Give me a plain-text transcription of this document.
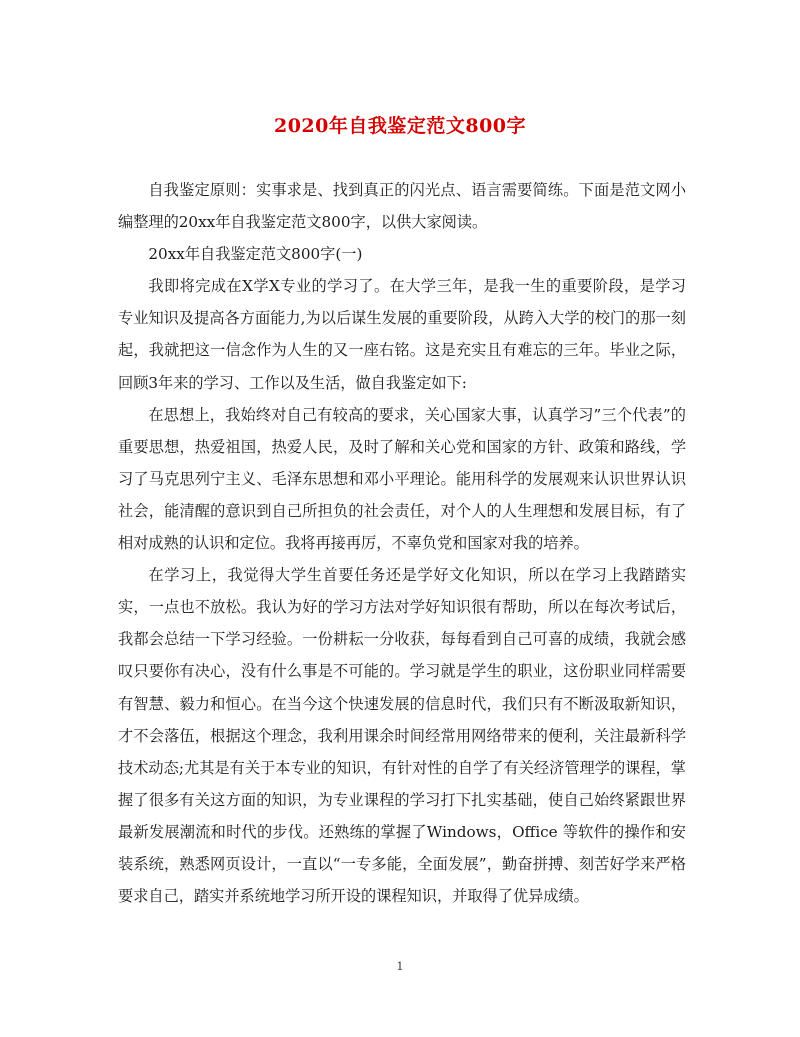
2020年自我鉴定范文800字

自我鉴定原则：实事求是、找到真正的闪光点、语言需要简练。下面是范文网小编整理的20xx年自我鉴定范文800字，以供大家阅读。

20xx年自我鉴定范文800字(一)

我即将完成在X学X专业的学习了。在大学三年，是我一生的重要阶段，是学习专业知识及提高各方面能力,为以后谋生发展的重要阶段，从跨入大学的校门的那一刻起，我就把这一信念作为人生的又一座右铭。这是充实且有难忘的三年。毕业之际，回顾3年来的学习、工作以及生活，做自我鉴定如下:

在思想上，我始终对自己有较高的要求，关心国家大事，认真学习”三个代表”的重要思想，热爱祖国，热爱人民，及时了解和关心党和国家的方针、政策和路线，学习了马克思列宁主义、毛泽东思想和邓小平理论。能用科学的发展观来认识世界认识社会，能清醒的意识到自己所担负的社会责任，对个人的人生理想和发展目标，有了相对成熟的认识和定位。我将再接再厉，不辜负党和国家对我的培养。

在学习上，我觉得大学生首要任务还是学好文化知识，所以在学习上我踏踏实实，一点也不放松。我认为好的学习方法对学好知识很有帮助，所以在每次考试后，我都会总结一下学习经验。一份耕耘一分收获，每每看到自己可喜的成绩，我就会感叹只要你有决心，没有什么事是不可能的。学习就是学生的职业，这份职业同样需要有智慧、毅力和恒心。在当今这个快速发展的信息时代，我们只有不断汲取新知识，才不会落伍，根据这个理念，我利用课余时间经常用网络带来的便利，关注最新科学技术动态;尤其是有关于本专业的知识，有针对性的自学了有关经济管理学的课程，掌握了很多有关这方面的知识，为专业课程的学习打下扎实基础，使自己始终紧跟世界最新发展潮流和时代的步伐。还熟练的掌握了Windows，Office 等软件的操作和安装系统，熟悉网页设计，一直以“一专多能，全面发展”，勤奋拼搏、刻苦好学来严格要求自己，踏实并系统地学习所开设的课程知识，并取得了优异成绩。

1
